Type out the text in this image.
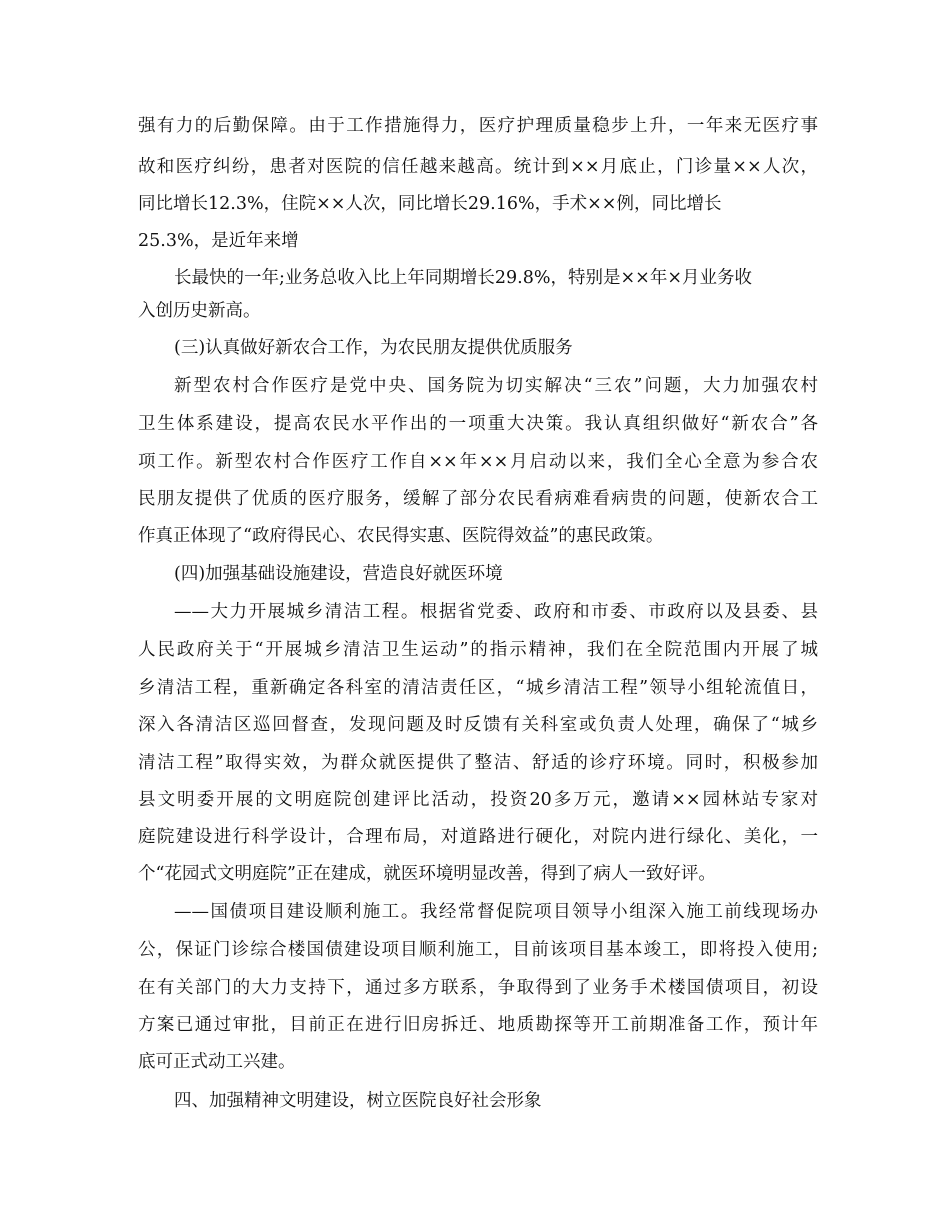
强有力的后勤保障。由于工作措施得力，医疗护理质量稳步上升，一年来无医疗事
故和医疗纠纷，患者对医院的信任越来越高。统计到××月底止，门诊量××人次，
同比增长12.3%，住院××人次，同比增长29.16%，手术××例，同比增长
25.3%，是近年来增
长最快的一年;业务总收入比上年同期增长29.8%，特别是××年×月业务收
入创历史新高。
(三)认真做好新农合工作，为农民朋友提供优质服务
新型农村合作医疗是党中央、国务院为切实解决“三农”问题，大力加强农村
卫生体系建设，提高农民水平作出的一项重大决策。我认真组织做好“新农合”各
项工作。新型农村合作医疗工作自××年××月启动以来，我们全心全意为参合农
民朋友提供了优质的医疗服务，缓解了部分农民看病难看病贵的问题，使新农合工
作真正体现了“政府得民心、农民得实惠、医院得效益”的惠民政策。
(四)加强基础设施建设，营造良好就医环境
——大力开展城乡清洁工程。根据省党委、政府和市委、市政府以及县委、县
人民政府关于“开展城乡清洁卫生运动”的指示精神，我们在全院范围内开展了城
乡清洁工程，重新确定各科室的清洁责任区，“城乡清洁工程”领导小组轮流值日，
深入各清洁区巡回督查，发现问题及时反馈有关科室或负责人处理，确保了“城乡
清洁工程”取得实效，为群众就医提供了整洁、舒适的诊疗环境。同时，积极参加
县文明委开展的文明庭院创建评比活动，投资20多万元，邀请××园林站专家对
庭院建设进行科学设计，合理布局，对道路进行硬化，对院内进行绿化、美化，一
个“花园式文明庭院”正在建成，就医环境明显改善，得到了病人一致好评。
——国债项目建设顺利施工。我经常督促院项目领导小组深入施工前线现场办
公，保证门诊综合楼国债建设项目顺利施工，目前该项目基本竣工，即将投入使用;
在有关部门的大力支持下，通过多方联系，争取得到了业务手术楼国债项目，初设
方案已通过审批，目前正在进行旧房拆迁、地质勘探等开工前期准备工作，预计年
底可正式动工兴建。
四、加强精神文明建设，树立医院良好社会形象
